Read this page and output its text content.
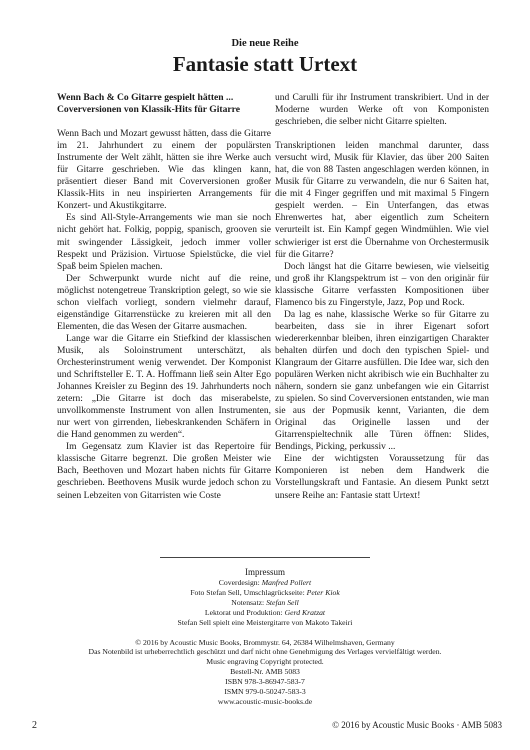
Die neue Reihe
Fantasie statt Urtext
Wenn Bach & Co Gitarre gespielt hätten ...
Coverversionen von Klassik-Hits für Gitarre

Wenn Bach und Mozart gewusst hätten, dass die Gitarre im 21. Jahrhundert zu einem der populärsten Instrumente der Welt zählt, hätten sie ihre Werke auch für Gitarre geschrieben. Wie das klingen kann, präsentiert dieser Band mit Coverversionen großer Klassik-Hits in neu inspirierten Arrangements für Konzert- und Akustikgitarre.

Es sind All-Style-Arrangements wie man sie noch nicht gehört hat. Folkig, poppig, spanisch, grooven sie mit swingender Lässigkeit, jedoch immer voller Respekt und Präzision. Virtuose Spielstücke, die viel Spaß beim Spielen machen.

Der Schwerpunkt wurde nicht auf die reine, möglichst notengetreue Transkription gelegt, so wie sie schon vielfach vorliegt, sondern vielmehr darauf, eigenständige Gitarrenstücke zu kreieren mit all den Elementen, die das Wesen der Gitarre ausmachen.

Lange war die Gitarre ein Stiefkind der klassischen Musik, als Soloinstrument unterschätzt, als Orchesterinstrument wenig verwendet. Der Komponist und Schriftsteller E. T. A. Hoffmann ließ sein Alter Ego Johannes Kreisler zu Beginn des 19. Jahrhunderts noch zetern: „Die Gitarre ist doch das miserabelste, unvollkommenste Instrument von allen Instrumenten, nur wert von girrenden, liebeskrankenden Schäfern in die Hand genommen zu werden“.

Im Gegensatz zum Klavier ist das Repertoire für klassische Gitarre begrenzt. Die großen Meister wie Bach, Beethoven und Mozart haben nichts für Gitarre geschrieben. Beethovens Musik wurde jedoch schon zu seinen Lebzeiten von Gitarristen wie Coste

und Carulli für ihr Instrument transkribiert. Und in der Moderne wurden Werke oft von Komponisten geschrieben, die selber nicht Gitarre spielten.

Transkriptionen leiden manchmal darunter, dass versucht wird, Musik für Klavier, das über 200 Saiten hat, die von 88 Tasten angeschlagen werden können, in Musik für Gitarre zu verwandeln, die nur 6 Saiten hat, die mit 4 Finger gegriffen und mit maximal 5 Fingern gespielt werden. – Ein Unterfangen, das etwas Ehrenwertes hat, aber eigentlich zum Scheitern verurteilt ist. Ein Kampf gegen Windmühlen. Wie viel schwieriger ist erst die Übernahme von Orchestermusik für die Gitarre?

Doch längst hat die Gitarre bewiesen, wie vielseitig und groß ihr Klangspektrum ist – von den originär für klassische Gitarre verfassten Kompositionen über Flamenco bis zu Fingerstyle, Jazz, Pop und Rock.

Da lag es nahe, klassische Werke so für Gitarre zu bearbeiten, dass sie in ihrer Eigenart sofort wiedererkennbar bleiben, ihren einzigartigen Charakter behalten dürfen und doch den typischen Spiel- und Klangraum der Gitarre ausfüllen. Die Idee war, sich den populären Werken nicht akribisch wie ein Buchhalter zu nähern, sondern sie ganz unbefangen wie ein Gitarrist zu spielen. So sind Coverversionen entstanden, wie man sie aus der Popmusik kennt, Varianten, die dem Original das Originelle lassen und der Gitarrenspieltechnik alle Türen öffnen: Slides, Bendings, Picking, perkussiv ...

Eine der wichtigsten Voraussetzung für das Komponieren ist neben dem Handwerk die Vorstellungskraft und Fantasie. An diesem Punkt setzt unsere Reihe an: Fantasie statt Urtext!

Impressum
Coverdesign: Manfred Pollert
Foto Stefan Sell, Umschlagrückseite: Peter Kiok
Notensatz: Stefan Sell
Lektorat und Produktion: Gerd Kratzat
Stefan Sell spielt eine Meistergitarre von Makoto Takeiri
© 2016 by Acoustic Music Books, Brommystr. 64, 26384 Wilhelmshaven, Germany
Das Notenbild ist urheberrechtlich geschützt und darf nicht ohne Genehmigung des Verlages vervielfältigt werden.
Music engraving Copyright protected.
Bestell-Nr. AMB 5083
ISBN 978-3-86947-583-7
ISMN 979-0-50247-583-3
www.acoustic-music-books.de
2	© 2016 by Acoustic Music Books · AMB 5083
